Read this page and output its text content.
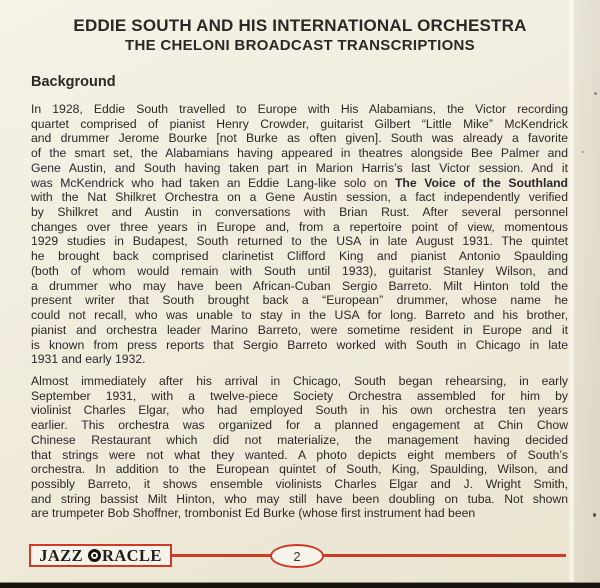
EDDIE SOUTH AND HIS INTERNATIONAL ORCHESTRA
THE CHELONI BROADCAST TRANSCRIPTIONS
Background
In 1928, Eddie South travelled to Europe with His Alabamians, the Victor recording
quartet comprised of pianist Henry Crowder, guitarist Gilbert “Little Mike” McKendrick
and drummer Jerome Bourke [not Burke as often given]. South was already a favorite
of the smart set, the Alabamians having appeared in theatres alongside Bee Palmer and
Gene Austin, and South having taken part in Marion Harris’s last Victor session. And it
was McKendrick who had taken an Eddie Lang-like solo on The Voice of the Southland
with the Nat Shilkret Orchestra on a Gene Austin session, a fact independently verified
by Shilkret and Austin in conversations with Brian Rust. After several personnel
changes over three years in Europe and, from a repertoire point of view, momentous
1929 studies in Budapest, South returned to the USA in late August 1931. The quintet
he brought back comprised clarinetist Clifford King and pianist Antonio Spaulding
(both of whom would remain with South until 1933), guitarist Stanley Wilson, and
a drummer who may have been African-Cuban Sergio Barreto. Milt Hinton told the
present writer that South brought back a “European” drummer, whose name he
could not recall, who was unable to stay in the USA for long. Barreto and his brother,
pianist and orchestra leader Marino Barreto, were sometime resident in Europe and it
is known from press reports that Sergio Barreto worked with South in Chicago in late
1931 and early 1932.
Almost immediately after his arrival in Chicago, South began rehearsing, in early
September 1931, with a twelve-piece Society Orchestra assembled for him by
violinist Charles Elgar, who had employed South in his own orchestra ten years
earlier. This orchestra was organized for a planned engagement at Chin Chow
Chinese Restaurant which did not materialize, the management having decided
that strings were not what they wanted. A photo depicts eight members of South’s
orchestra. In addition to the European quintet of South, King, Spaulding, Wilson, and
possibly Barreto, it shows ensemble violinists Charles Elgar and J. Wright Smith,
and string bassist Milt Hinton, who may still have been doubling on tuba. Not shown
are trumpeter Bob Shoffner, trombonist Ed Burke (whose first instrument had been
JAZZ RACLE	2
